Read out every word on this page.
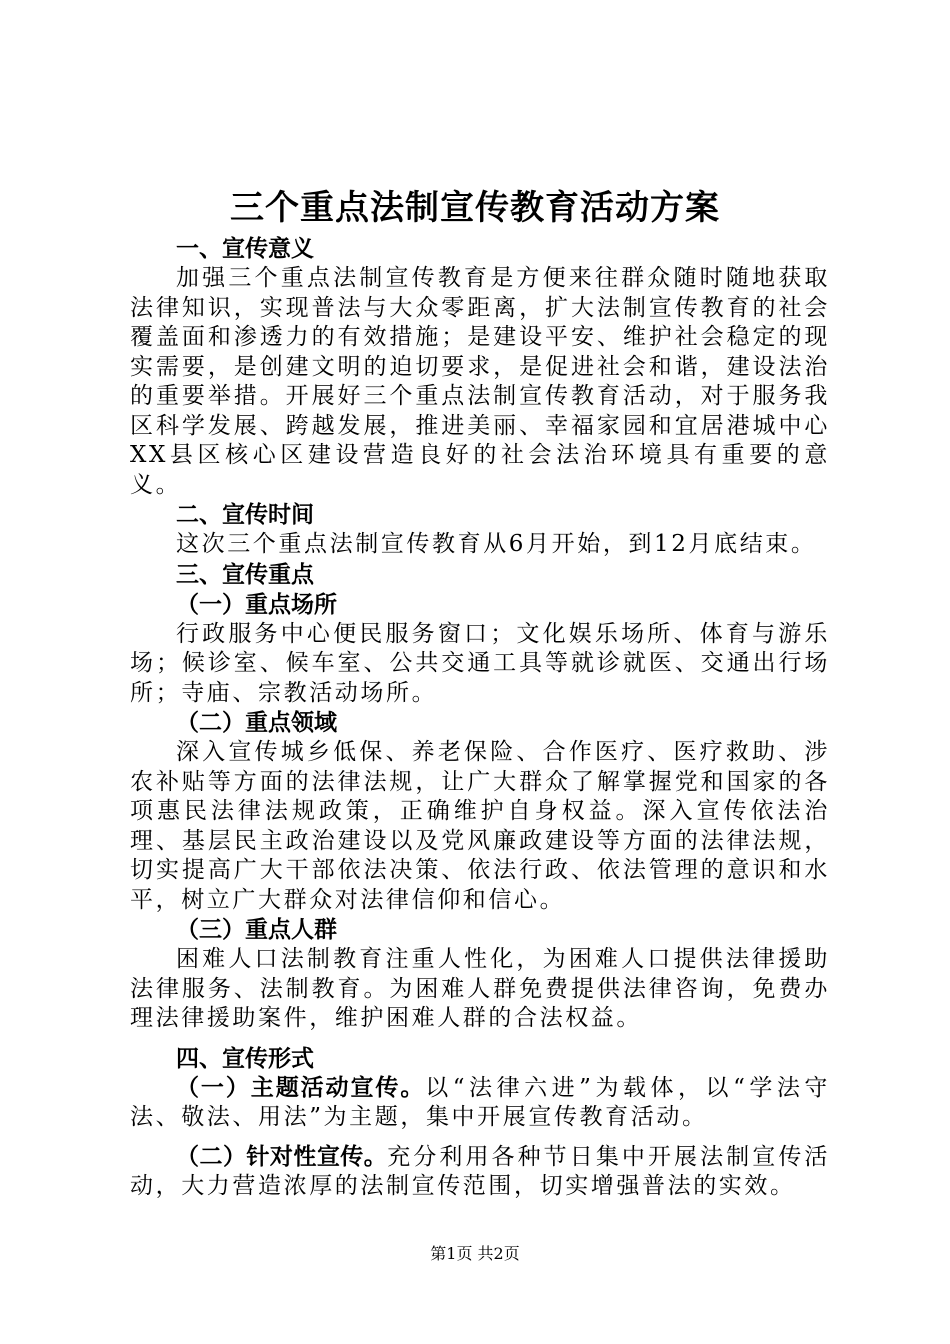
三个重点法制宣传教育活动方案

一、宣传意义

加强三个重点法制宣传教育是方便来往群众随时随地获取法律知识，实现普法与大众零距离，扩大法制宣传教育的社会覆盖面和渗透力的有效措施；是建设平安、维护社会稳定的现实需要，是创建文明的迫切要求，是促进社会和谐，建设法治的重要举措。开展好三个重点法制宣传教育活动，对于服务我区科学发展、跨越发展，推进美丽、幸福家园和宜居港城中心XX县区核心区建设营造良好的社会法治环境具有重要的意义。

二、宣传时间

这次三个重点法制宣传教育从6月开始，到12月底结束。

三、宣传重点

（一）重点场所

行政服务中心便民服务窗口；文化娱乐场所、体育与游乐场；候诊室、候车室、公共交通工具等就诊就医、交通出行场所；寺庙、宗教活动场所。

（二）重点领域

深入宣传城乡低保、养老保险、合作医疗、医疗救助、涉农补贴等方面的法律法规，让广大群众了解掌握党和国家的各项惠民法律法规政策，正确维护自身权益。深入宣传依法治理、基层民主政治建设以及党风廉政建设等方面的法律法规，切实提高广大干部依法决策、依法行政、依法管理的意识和水平，树立广大群众对法律信仰和信心。

（三）重点人群

困难人口法制教育注重人性化，为困难人口提供法律援助法律服务、法制教育。为困难人群免费提供法律咨询，免费办理法律援助案件，维护困难人群的合法权益。

四、宣传形式

（一）主题活动宣传。以“法律六进”为载体，以“学法守法、敬法、用法”为主题，集中开展宣传教育活动。

（二）针对性宣传。充分利用各种节日集中开展法制宣传活动，大力营造浓厚的法制宣传范围，切实增强普法的实效。

第1页 共2页
